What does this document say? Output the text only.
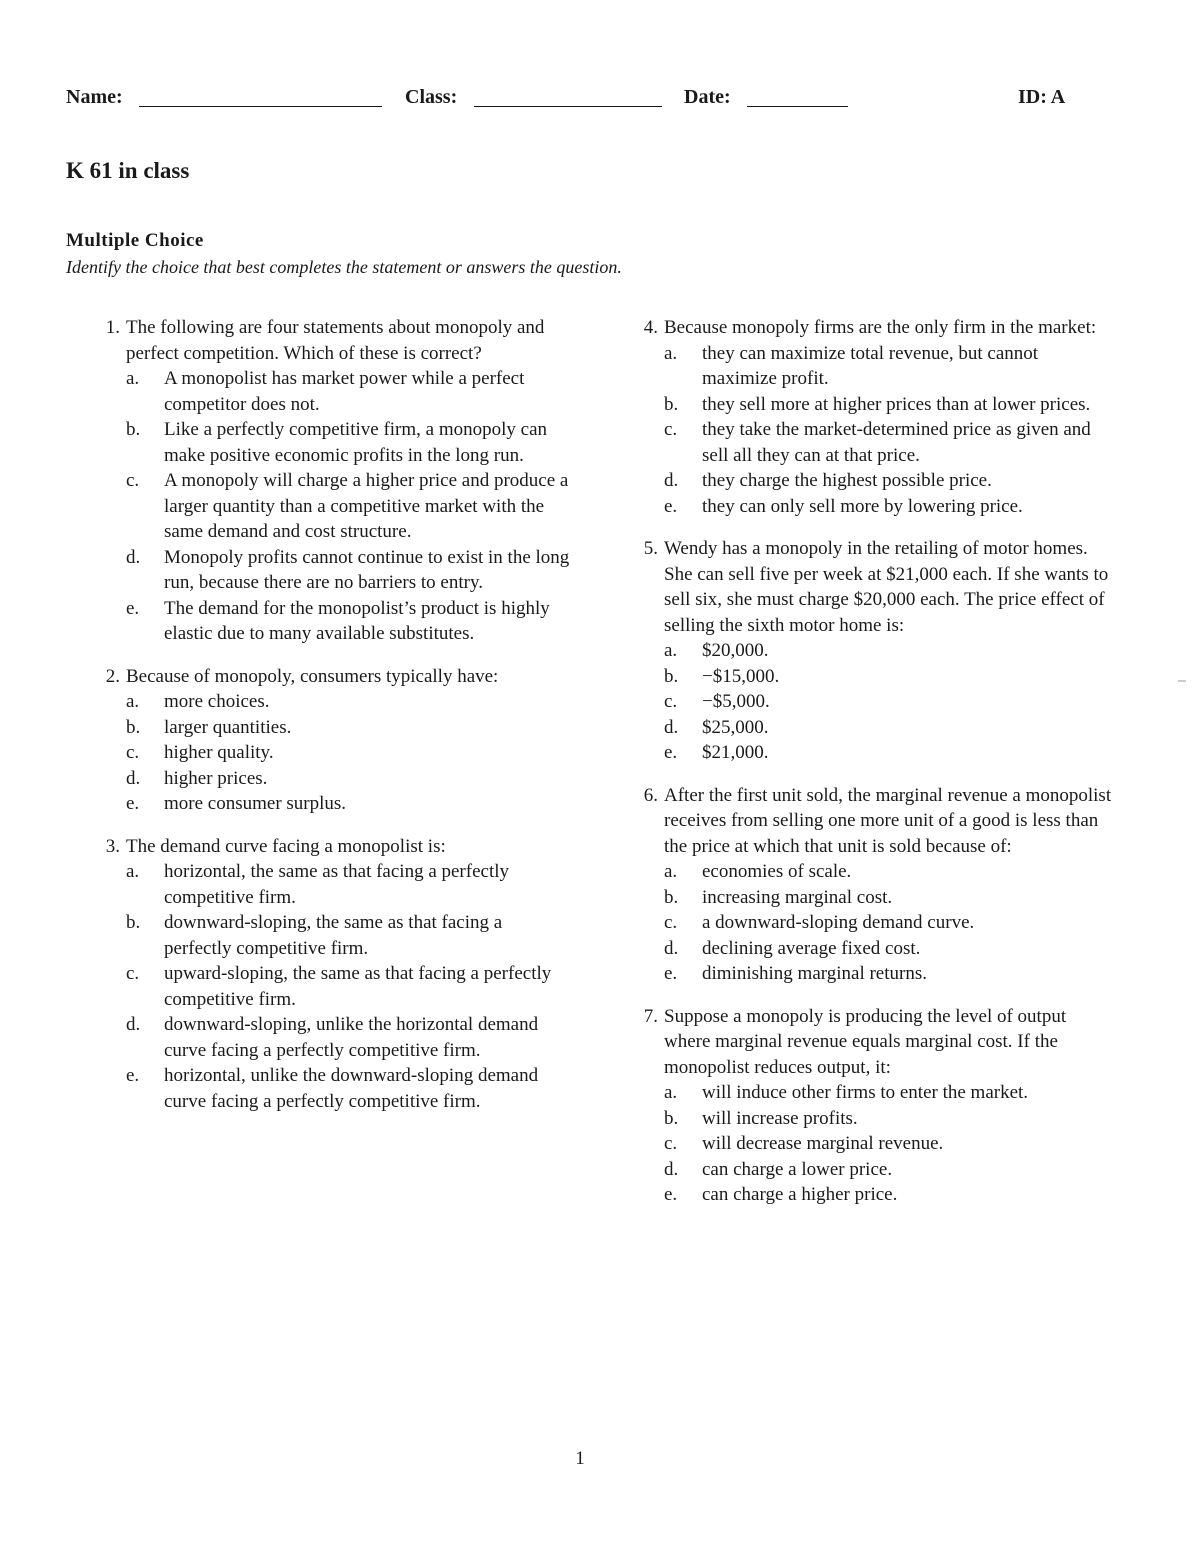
Name:	Class:	Date:	ID: A
K 61 in class
Multiple Choice

Identify the choice that best completes the statement or answers the question.

1. The following are four statements about monopoly and perfect competition. Which of these is correct?
a. A monopolist has market power while a perfect competitor does not.
b. Like a perfectly competitive firm, a monopoly can make positive economic profits in the long run.
c. A monopoly will charge a higher price and produce a larger quantity than a competitive market with the same demand and cost structure.
d. Monopoly profits cannot continue to exist in the long run, because there are no barriers to entry.
e. The demand for the monopolist’s product is highly elastic due to many available substitutes.
2. Because of monopoly, consumers typically have:
a. more choices.
b. larger quantities.
c. higher quality.
d. higher prices.
e. more consumer surplus.
3. The demand curve facing a monopolist is:
a. horizontal, the same as that facing a perfectly competitive firm.
b. downward-sloping, the same as that facing a perfectly competitive firm.
c. upward-sloping, the same as that facing a perfectly competitive firm.
d. downward-sloping, unlike the horizontal demand curve facing a perfectly competitive firm.
e. horizontal, unlike the downward-sloping demand curve facing a perfectly competitive firm.
4. Because monopoly firms are the only firm in the market:
a. they can maximize total revenue, but cannot maximize profit.
b. they sell more at higher prices than at lower prices.
c. they take the market-determined price as given and sell all they can at that price.
d. they charge the highest possible price.
e. they can only sell more by lowering price.
5. Wendy has a monopoly in the retailing of motor homes. She can sell five per week at $21,000 each. If she wants to sell six, she must charge $20,000 each. The price effect of selling the sixth motor home is:
a. $20,000.
b. −$15,000.
c. −$5,000.
d. $25,000.
e. $21,000.
6. After the first unit sold, the marginal revenue a monopolist receives from selling one more unit of a good is less than the price at which that unit is sold because of:
a. economies of scale.
b. increasing marginal cost.
c. a downward-sloping demand curve.
d. declining average fixed cost.
e. diminishing marginal returns.
7. Suppose a monopoly is producing the level of output where marginal revenue equals marginal cost. If the monopolist reduces output, it:
a. will induce other firms to enter the market.
b. will increase profits.
c. will decrease marginal revenue.
d. can charge a lower price.
e. can charge a higher price.
1
